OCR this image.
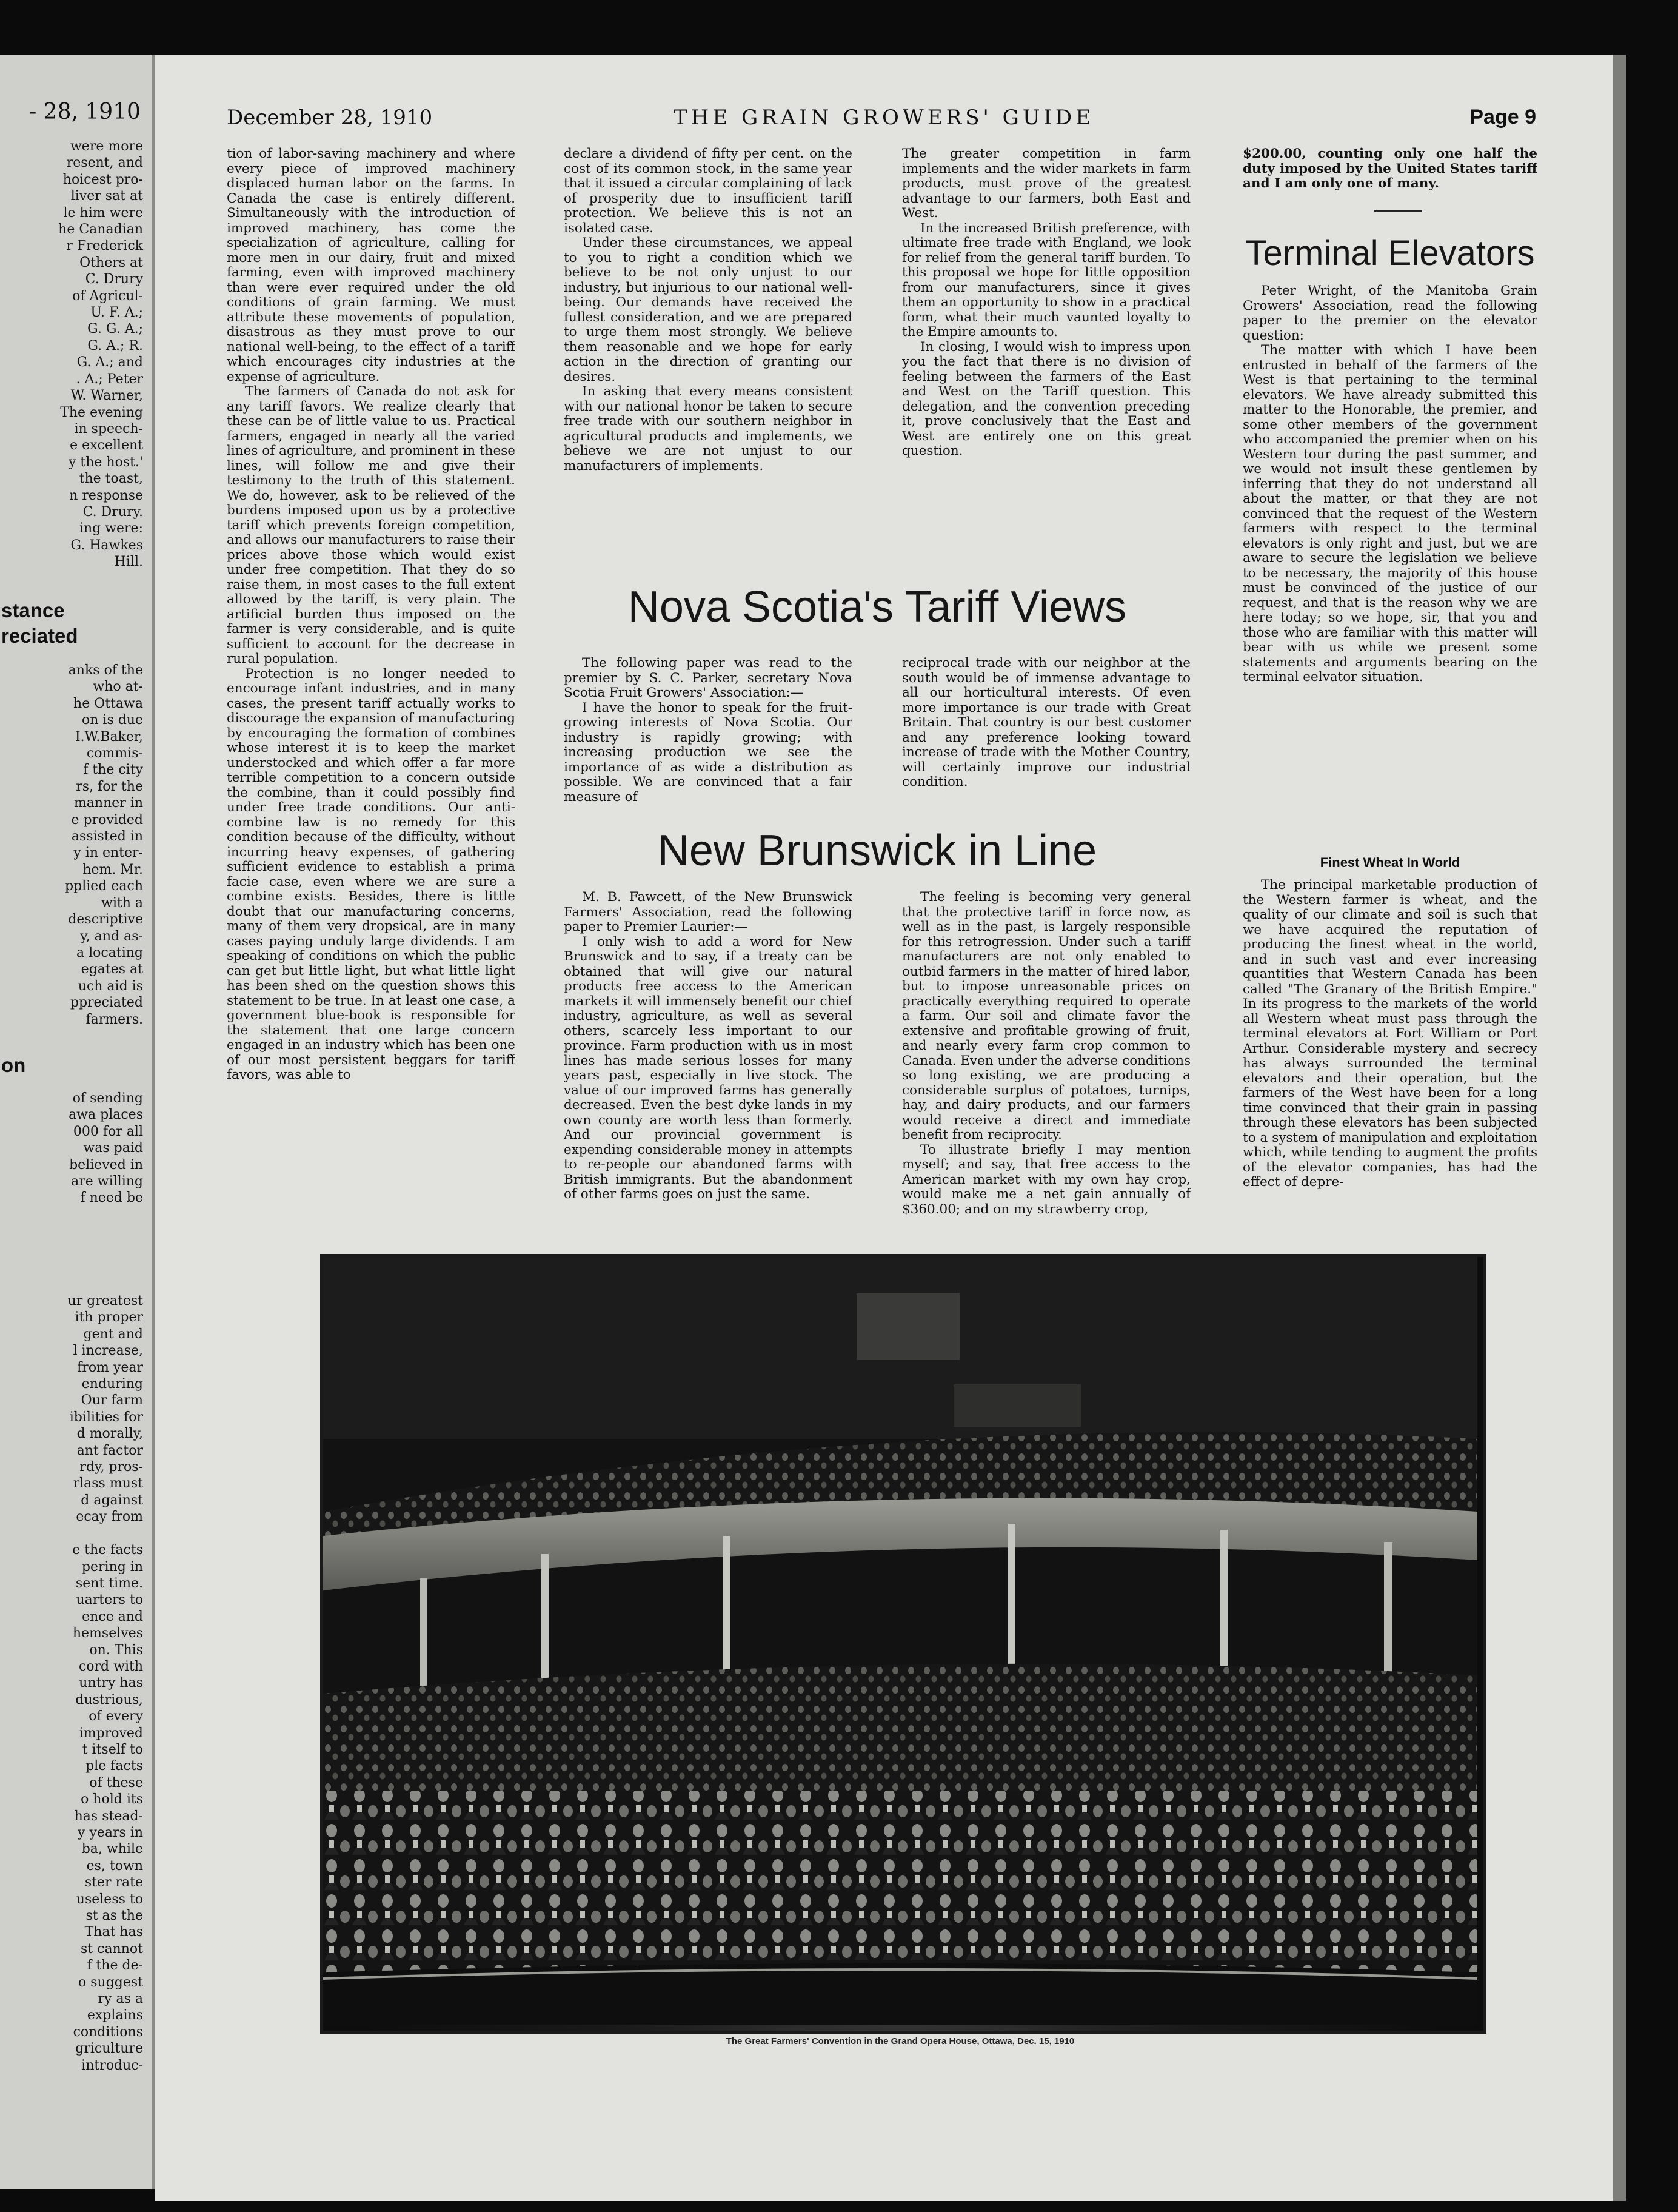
- 28, 1910
were more
resent, and
hoicest pro-
liver sat at
le him were
he Canadian
r Frederick
Others at
C. Drury
of Agricul-
U. F. A.;
G. G. A.;
G. A.; R.
G. A.; and
. A.; Peter
W. Warner,
The evening
in speech-
e excellent
y the host.'
the toast,
n response
C. Drury.
ing were:
G. Hawkes
Hill.
stance
reciated
anks of the
who at-
he Ottawa
on is due
I.W.Baker,
commis-
f the city
rs, for the
manner in
e provided
assisted in
y in enter-
hem. Mr.
pplied each
with a
descriptive
y, and as-
a locating
egates at
uch aid is
ppreciated
farmers.
on
of sending
awa places
000 for all
was paid
believed in
are willing
f need be
ur greatest
ith proper
gent and
l increase,
from year
enduring
Our farm
ibilities for
d morally,
ant factor
rdy, pros-
rlass must
d against
ecay from

e the facts
pering in
sent time.
uarters to
ence and
hemselves
on. This
cord with
untry has
dustrious,
of every
improved
t itself to
ple facts
of these
o hold its
has stead-
y years in
ba, while
es, town
ster rate
useless to
st as the
That has
st cannot
f the de-
o suggest
ry as a
explains
conditions
griculture
introduc-
THE GRAIN GROWERS' GUIDE
December 28, 1910	Page 9

tion of labor-saving machinery and where every piece of improved machinery displaced human labor on the farms. In Canada the case is entirely different. Simultaneously with the introduction of improved machinery, has come the specialization of agriculture, calling for more men in our dairy, fruit and mixed farming, even with improved machinery than were ever required under the old conditions of grain farming. We must attribute these movements of population, disastrous as they must prove to our national well-being, to the effect of a tariff which encourages city industries at the expense of agriculture.

The farmers of Canada do not ask for any tariff favors. We realize clearly that these can be of little value to us. Practical farmers, engaged in nearly all the varied lines of agriculture, and prominent in these lines, will follow me and give their testimony to the truth of this statement. We do, however, ask to be relieved of the burdens imposed upon us by a protective tariff which prevents foreign competition, and allows our manufacturers to raise their prices above those which would exist under free competition. That they do so raise them, in most cases to the full extent allowed by the tariff, is very plain. The artificial burden thus imposed on the farmer is very considerable, and is quite sufficient to account for the decrease in rural population.

Protection is no longer needed to encourage infant industries, and in many cases, the present tariff actually works to discourage the expansion of manufacturing by encouraging the formation of combines whose interest it is to keep the market understocked and which offer a far more terrible competition to a concern outside the combine, than it could possibly find under free trade conditions. Our anti-combine law is no remedy for this condition because of the difficulty, without incurring heavy expenses, of gathering sufficient evidence to establish a prima facie case, even where we are sure a combine exists. Besides, there is little doubt that our manufacturing concerns, many of them very dropsical, are in many cases paying unduly large dividends. I am speaking of conditions on which the public can get but little light, but what little light has been shed on the question shows this statement to be true. In at least one case, a government blue-book is responsible for the statement that one large concern engaged in an industry which has been one of our most persistent beggars for tariff favors, was able to

declare a dividend of fifty per cent. on the cost of its common stock, in the same year that it issued a circular complaining of lack of prosperity due to insufficient tariff protection. We believe this is not an isolated case.

Under these circumstances, we appeal to you to right a condition which we believe to be not only unjust to our industry, but injurious to our national well-being. Our demands have received the fullest consideration, and we are prepared to urge them most strongly. We believe them reasonable and we hope for early action in the direction of granting our desires.

In asking that every means consistent with our national honor be taken to secure free trade with our southern neighbor in agricultural products and implements, we believe we are not unjust to our manufacturers of implements.

The greater competition in farm implements and the wider markets in farm products, must prove of the greatest advantage to our farmers, both East and West.

In the increased British preference, with ultimate free trade with England, we look for relief from the general tariff burden. To this proposal we hope for little opposition from our manufacturers, since it gives them an opportunity to show in a practical form, what their much vaunted loyalty to the Empire amounts to.

In closing, I would wish to impress upon you the fact that there is no division of feeling between the farmers of the East and West on the Tariff question. This delegation, and the convention preceding it, prove conclusively that the East and West are entirely one on this great question.

Nova Scotia's Tariff Views

The following paper was read to the premier by S. C. Parker, secretary Nova Scotia Fruit Growers' Association:—

I have the honor to speak for the fruit-growing interests of Nova Scotia. Our industry is rapidly growing; with increasing production we see the importance of as wide a distribution as possible. We are convinced that a fair measure of

reciprocal trade with our neighbor at the south would be of immense advantage to all our horticultural interests. Of even more importance is our trade with Great Britain. That country is our best customer and any preference looking toward increase of trade with the Mother Country, will certainly improve our industrial condition.

New Brunswick in Line

M. B. Fawcett, of the New Brunswick Farmers' Association, read the following paper to Premier Laurier:—

I only wish to add a word for New Brunswick and to say, if a treaty can be obtained that will give our natural products free access to the American markets it will immensely benefit our chief industry, agriculture, as well as several others, scarcely less important to our province. Farm production with us in most lines has made serious losses for many years past, especially in live stock. The value of our improved farms has generally decreased. Even the best dyke lands in my own county are worth less than formerly. And our provincial government is expending considerable money in attempts to re-people our abandoned farms with British immigrants. But the abandonment of other farms goes on just the same.

The feeling is becoming very general that the protective tariff in force now, as well as in the past, is largely responsible for this retrogression. Under such a tariff manufacturers are not only enabled to outbid farmers in the matter of hired labor, but to impose unreasonable prices on practically everything required to operate a farm. Our soil and climate favor the extensive and profitable growing of fruit, and nearly every farm crop common to Canada. Even under the adverse conditions so long existing, we are producing a considerable surplus of potatoes, turnips, hay, and dairy products, and our farmers would receive a direct and immediate benefit from reciprocity.

To illustrate briefly I may mention myself; and say, that free access to the American market with my own hay crop, would make me a net gain annually of $360.00; and on my strawberry crop,

$200.00, counting only one half the duty imposed by the United States tariff and I am only one of many.

Terminal Elevators

Peter Wright, of the Manitoba Grain Growers' Association, read the following paper to the premier on the elevator question:

The matter with which I have been entrusted in behalf of the farmers of the West is that pertaining to the terminal elevators. We have already submitted this matter to the Honorable, the premier, and some other members of the government who accompanied the premier when on his Western tour during the past summer, and we would not insult these gentlemen by inferring that they do not understand all about the matter, or that they are not convinced that the request of the Western farmers with respect to the terminal elevators is only right and just, but we are aware to secure the legislation we believe to be necessary, the majority of this house must be convinced of the justice of our request, and that is the reason why we are here today; so we hope, sir, that you and those who are familiar with this matter will bear with us while we present some statements and arguments bearing on the terminal eelvator situation.

Finest Wheat In World

The principal marketable production of the Western farmer is wheat, and the quality of our climate and soil is such that we have acquired the reputation of producing the finest wheat in the world, and in such vast and ever increasing quantities that Western Canada has been called "The Granary of the British Empire." In its progress to the markets of the world all Western wheat must pass through the terminal elevators at Fort William or Port Arthur. Considerable mystery and secrecy has always surrounded the terminal elevators and their operation, but the farmers of the West have been for a long time convinced that their grain in passing through these elevators has been subjected to a system of manipulation and exploitation which, while tending to augment the profits of the elevator companies, has had the effect of depre-

The Great Farmers' Convention in the Grand Opera House, Ottawa, Dec. 15, 1910
